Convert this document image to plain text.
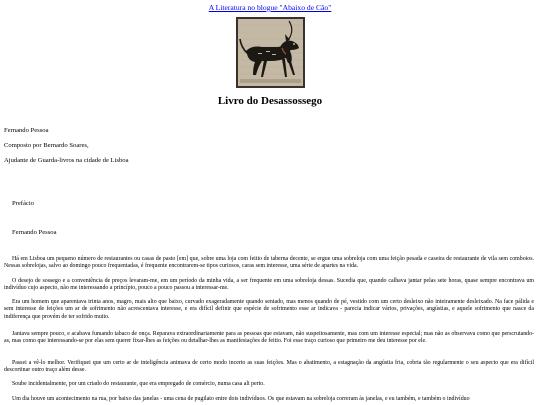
A Literatura no blogue "Abaixo de Cão"
Livro do Desassossego

Fernando Pessoa

Composto por Bernardo Soares,

Ajudante de Guarda-livros na cidade de Lisboa

Prefácio

Fernando Pessoa

Há em Lisboa um pequeno número de restaurantes ou casas de pasto [em] que, sobre uma loja com feitio de taberna decente, se ergue uma sobreloja com uma feição pesada e caseira de restaurante de vila sem comboios. Nessas sobrelojas, salvo ao domingo pouco frequentadas, é frequente encontrarem-se tipos curiosos, caras sem interesse, uma série de apartes na vida.

O desejo de sossego e a conveniência de preços levaram-me, em um período da minha vida, a ser frequente em uma sobreloja dessas. Sucedia que, quando calhava jantar pelas sete horas, quase sempre encontrava um indivíduo cujo aspecto, não me interessando a princípio, pouco a pouco passou a interessar-me.

Era um homem que aparentava trinta anos, magro, mais alto que baixo, curvado exageradamente quando sentado, mas menos quando de pé, vestido com um certo desleixo não inteiramente desleixado. Na face pálida e sem interesse de feições um ar de sofrimento não acrescentava interesse, e era difícil definir que espécie de sofrimento esse ar indicava - parecia indicar vários, privações, angústias, e aquele sofrimento que nasce da indiferença que provém de ter sofrido muito.

Jantava sempre pouco, e acabava fumando tabaco de onça. Reparava extraordinariamente para as pessoas que estavam, não suspeitosamente, mas com um interesse especial; mas não as observava como que perscrutando-as, mas como que interessando-se por elas sem querer fixar-lhes as feições ou detalhar-lhes as manifestações de feitio. Foi esse traço curioso que primeiro me deu interesse por ele.

Passei a vê-lo melhor. Verifiquei que um certo ar de inteligência animava de certo modo incerto as suas feições. Mas o abatimento, a estagnação da angústia fria, cobria tão regularmente o seu aspecto que era difícil descortinar outro traço além desse.

Soube incidentalmente, por um criado do restaurante, que era empregado de comércio, numa casa ali perto.

Um dia houve um acontecimento na rua, por baixo das janelas - uma cena de pugilato entre dois indivíduos. Os que estavam na sobreloja correram às janelas, e eu também, e também o indivíduo
